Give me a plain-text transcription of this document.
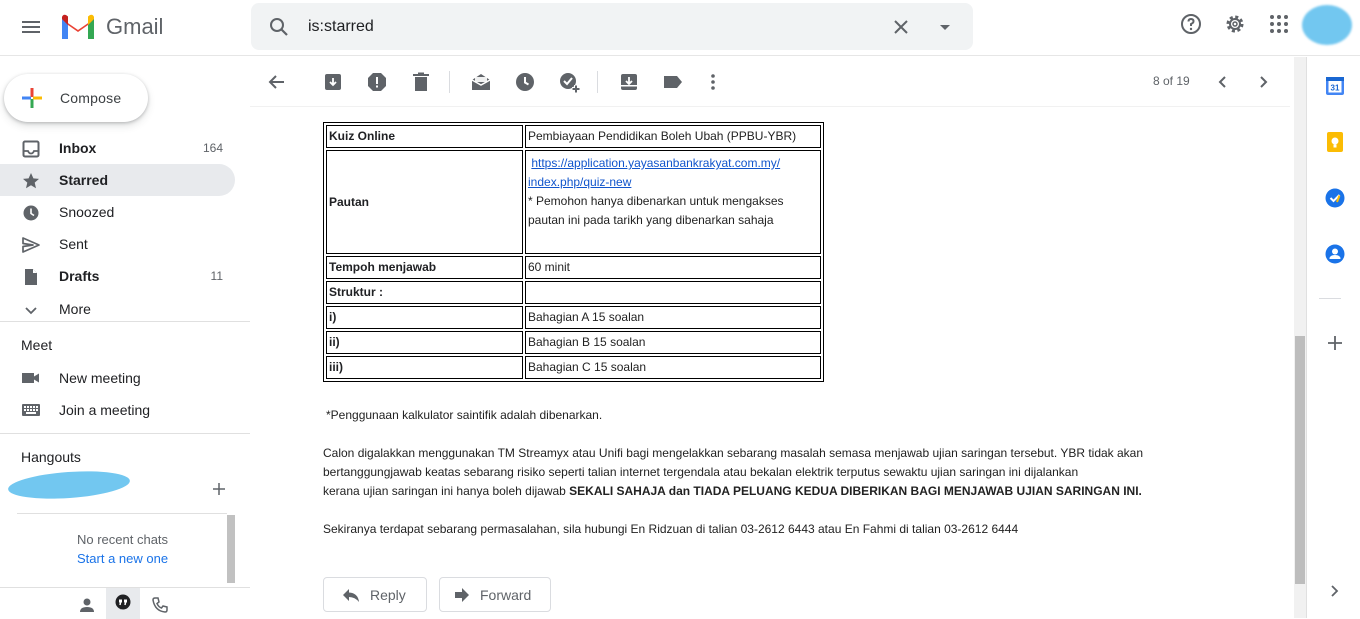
Gmail	is:starred
Compose
Inbox	164
Starred
Snoozed
Sent
Drafts	11
More
Meet
New meeting
Join a meeting
Hangouts
No recent chats
Start a new one
8 of 19
Kuiz Online	Pembiayaan Pendidikan Boleh Ubah (PPBU-YBR)
Pautan	https://application.yayasanbankrakyat.com.my/
index.php/quiz-new
* Pemohon hanya dibenarkan untuk mengakses
pautan ini pada tarikh yang dibenarkan sahaja

Tempoh menjawab	60 minit
Struktur :	
i)	Bahagian A 15 soalan
ii)	Bahagian B 15 soalan
iii)	Bahagian C 15 soalan
*Penggunaan kalkulator saintifik adalah dibenarkan.
Calon digalakkan menggunakan TM Streamyx atau Unifi bagi mengelakkan sebarang masalah semasa menjawab ujian saringan tersebut. YBR tidak akan
bertanggungjawab keatas sebarang risiko seperti talian internet tergendala atau bekalan elektrik terputus sewaktu ujian saringan ini dijalankan
kerana ujian saringan ini hanya boleh dijawab SEKALI SAHAJA dan TIADA PELUANG KEDUA DIBERIKAN BAGI MENJAWAB UJIAN SARINGAN INI.
Sekiranya terdapat sebarang permasalahan, sila hubungi En Ridzuan di talian 03-2612 6443 atau En Fahmi di talian 03-2612 6444
Reply	Forward
31
